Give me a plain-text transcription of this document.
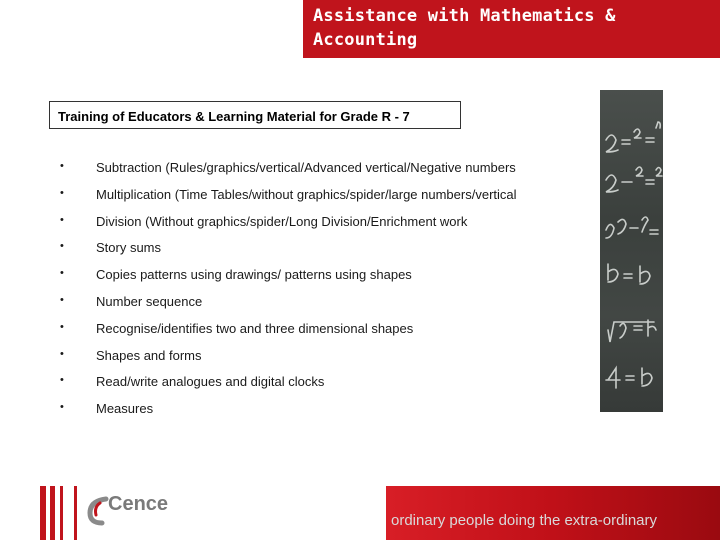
Assistance with Mathematics & Accounting
Training of Educators & Learning Material for Grade R - 7
• Subtraction (Rules/graphics/vertical/Advanced vertical/Negative numbers
• Multiplication (Time Tables/without graphics/spider/large numbers/vertical
• Division (Without graphics/spider/Long Division/Enrichment work
• Story sums
• Copies patterns using drawings/ patterns using shapes
• Number sequence
• Recognise/identifies two and three dimensional shapes
• Shapes and forms
• Read/write analogues and digital clocks
• Measures
Cence
ordinary people doing the extra-ordinary
